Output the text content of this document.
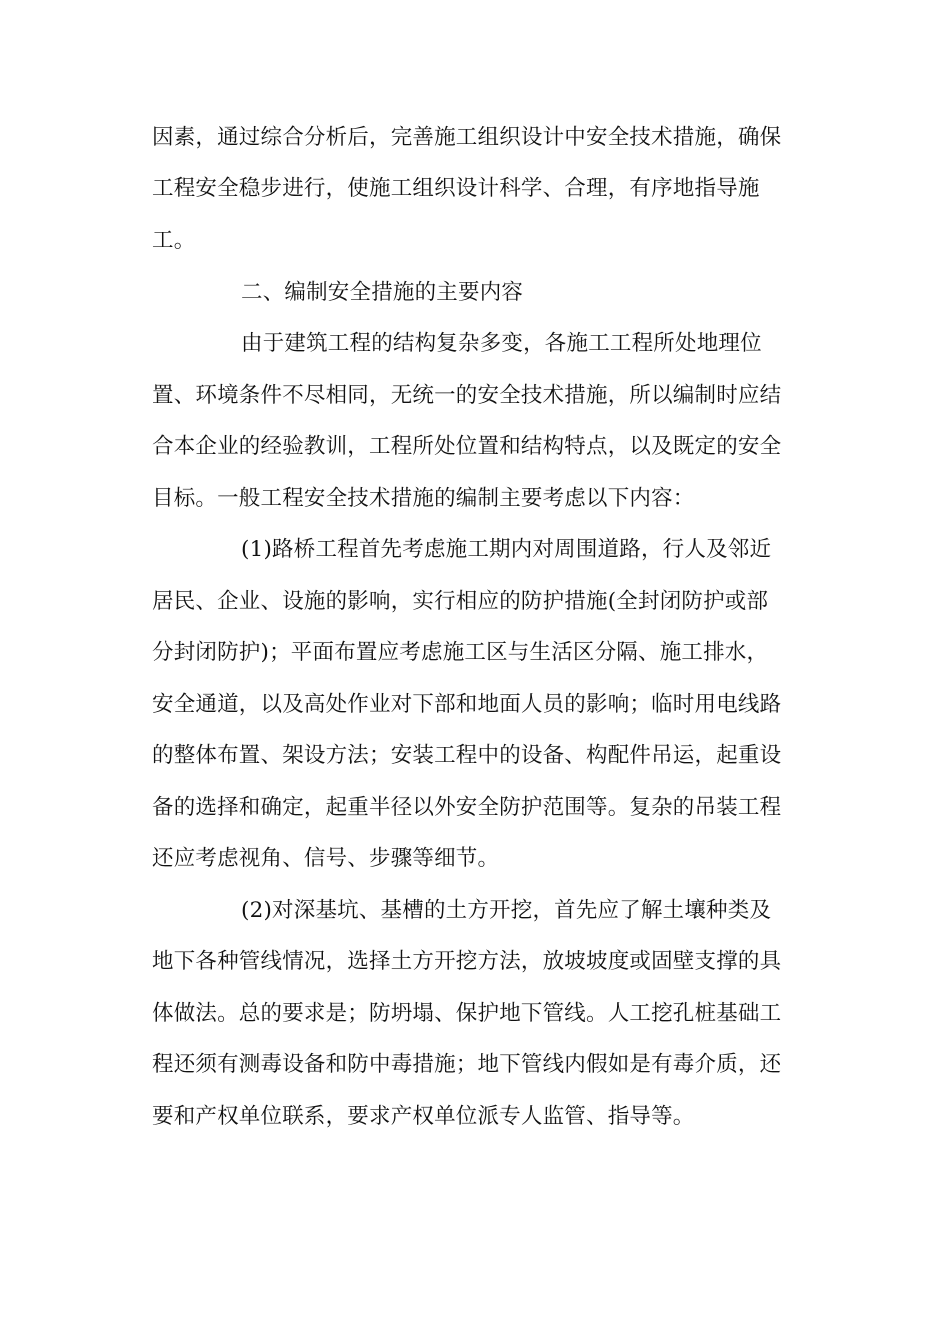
因素，通过综合分析后，完善施工组织设计中安全技术措施，确保
工程安全稳步进行，使施工组织设计科学、合理，有序地指导施
工。
二、编制安全措施的主要内容
由于建筑工程的结构复杂多变，各施工工程所处地理位
置、环境条件不尽相同，无统一的安全技术措施，所以编制时应结
合本企业的经验教训，工程所处位置和结构特点，以及既定的安全
目标。一般工程安全技术措施的编制主要考虑以下内容：
(1)路桥工程首先考虑施工期内对周围道路，行人及邻近
居民、企业、设施的影响，实行相应的防护措施(全封闭防护或部
分封闭防护)；平面布置应考虑施工区与生活区分隔、施工排水，
安全通道，以及高处作业对下部和地面人员的影响；临时用电线路
的整体布置、架设方法；安装工程中的设备、构配件吊运，起重设
备的选择和确定，起重半径以外安全防护范围等。复杂的吊装工程
还应考虑视角、信号、步骤等细节。
(2)对深基坑、基槽的土方开挖，首先应了解土壤种类及
地下各种管线情况，选择土方开挖方法，放坡坡度或固壁支撑的具
体做法。总的要求是；防坍塌、保护地下管线。人工挖孔桩基础工
程还须有测毒设备和防中毒措施；地下管线内假如是有毒介质，还
要和产权单位联系，要求产权单位派专人监管、指导等。
